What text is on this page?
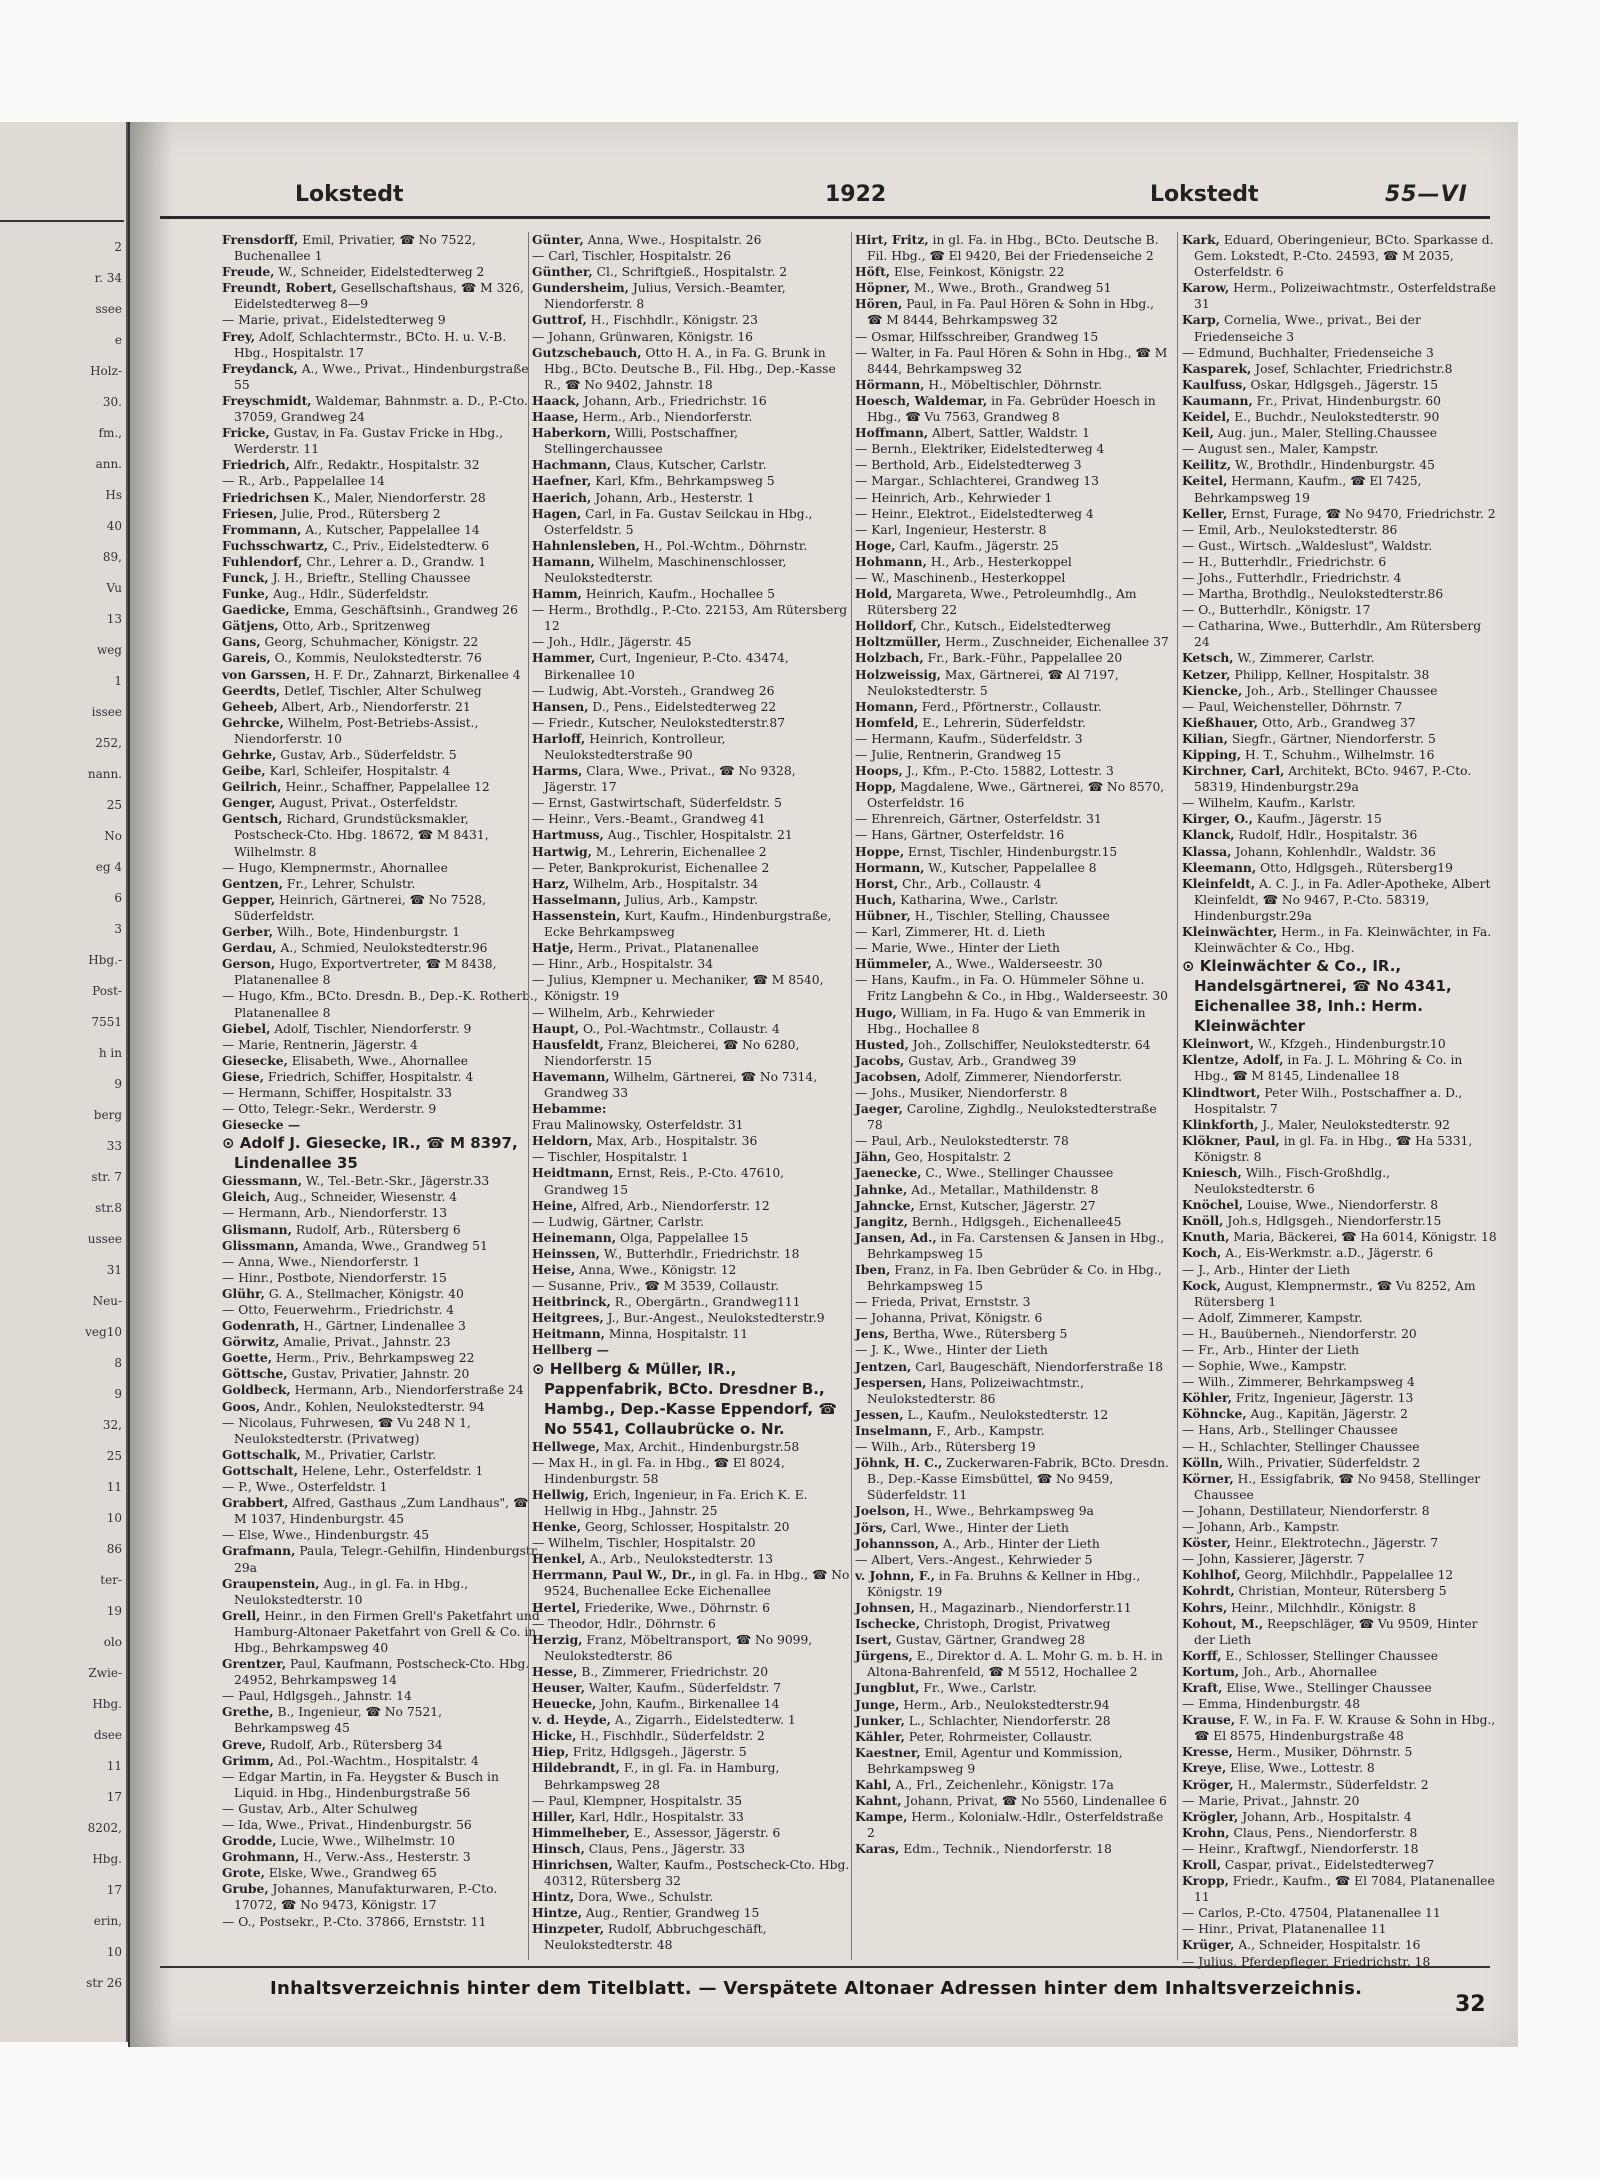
2
r. 34
ssee
e
Holz-
30.
fm.,
ann.
Hs
40
89,
Vu
13
weg
1
issee
252,
nann.
25
No
eg 4
6
3
Hbg.-
Post-
7551
h in
9
berg
33
str. 7
str.8
ussee
31
Neu-
veg10
8
9
32,
25
11
10
86
ter-
19
olo
Zwie-
Hbg.
dsee
11
17
8202,
Hbg.
17
erin,
10
str 26
Lokstedt	1922	Lokstedt	55—VI

Frensdorff, Emil, Privatier, ☎ No 7522, Buchenallee 1

Freude, W., Schneider, Eidelstedterweg 2

Freundt, Robert, Gesellschaftshaus, ☎ M 326, Eidelstedterweg 8—9

— Marie, privat., Eidelstedterweg 9

Frey, Adolf, Schlachtermstr., BCto. H. u. V.-B. Hbg., Hospitalstr. 17

Freydanck, A., Wwe., Privat., Hindenburgstraße 55

Freyschmidt, Waldemar, Bahnmstr. a. D., P.-Cto. 37059, Grandweg 24

Fricke, Gustav, in Fa. Gustav Fricke in Hbg., Werderstr. 11

Friedrich, Alfr., Redaktr., Hospitalstr. 32

— R., Arb., Pappelallee 14

Friedrichsen K., Maler, Niendorferstr. 28

Friesen, Julie, Prod., Rütersberg 2

Frommann, A., Kutscher, Pappelallee 14

Fuchsschwartz, C., Priv., Eidelstedterw. 6

Fuhlendorf, Chr., Lehrer a. D., Grandw. 1

Funck, J. H., Brieftr., Stelling Chaussee

Funke, Aug., Hdlr., Süderfeldstr.

Gaedicke, Emma, Geschäftsinh., Grandweg 26

Gätjens, Otto, Arb., Spritzenweg

Gans, Georg, Schuhmacher, Königstr. 22

Gareis, O., Kommis, Neulokstedterstr. 76

von Garssen, H. F. Dr., Zahnarzt, Birkenallee 4

Geerdts, Detlef, Tischler, Alter Schulweg

Geheeb, Albert, Arb., Niendorferstr. 21

Gehrcke, Wilhelm, Post-Betriebs-Assist., Niendorferstr. 10

Gehrke, Gustav, Arb., Süderfeldstr. 5

Geibe, Karl, Schleifer, Hospitalstr. 4

Geilrich, Heinr., Schaffner, Pappelallee 12

Genger, August, Privat., Osterfeldstr.

Gentsch, Richard, Grundstücksmakler, Postscheck-Cto. Hbg. 18672, ☎ M 8431, Wilhelmstr. 8

— Hugo, Klempnermstr., Ahornallee

Gentzen, Fr., Lehrer, Schulstr.

Gepper, Heinrich, Gärtnerei, ☎ No 7528, Süderfeldstr.

Gerber, Wilh., Bote, Hindenburgstr. 1

Gerdau, A., Schmied, Neulokstedterstr.96

Gerson, Hugo, Exportvertreter, ☎ M 8438, Platanenallee 8

— Hugo, Kfm., BCto. Dresdn. B., Dep.-K. Rotherb., Platanenallee 8

Giebel, Adolf, Tischler, Niendorferstr. 9

— Marie, Rentnerin, Jägerstr. 4

Giesecke, Elisabeth, Wwe., Ahornallee

Giese, Friedrich, Schiffer, Hospitalstr. 4

— Hermann, Schiffer, Hospitalstr. 33

— Otto, Telegr.-Sekr., Werderstr. 9

Giesecke —

⊙ Adolf J. Giesecke, IR., ☎ M 8397, Lindenallee 35

Giessmann, W., Tel.-Betr.-Skr., Jägerstr.33

Gleich, Aug., Schneider, Wiesenstr. 4

— Hermann, Arb., Niendorferstr. 13

Glismann, Rudolf, Arb., Rütersberg 6

Glissmann, Amanda, Wwe., Grandweg 51

— Anna, Wwe., Niendorferstr. 1

— Hinr., Postbote, Niendorferstr. 15

Glühr, G. A., Stellmacher, Königstr. 40

— Otto, Feuerwehrm., Friedrichstr. 4

Godenrath, H., Gärtner, Lindenallee 3

Görwitz, Amalie, Privat., Jahnstr. 23

Goette, Herm., Priv., Behrkampsweg 22

Göttsche, Gustav, Privatier, Jahnstr. 20

Goldbeck, Hermann, Arb., Niendorferstraße 24

Goos, Andr., Kohlen, Neulokstedterstr. 94

— Nicolaus, Fuhrwesen, ☎ Vu 248 N 1, Neulokstedterstr. (Privatweg)

Gottschalk, M., Privatier, Carlstr.

Gottschalt, Helene, Lehr., Osterfeldstr. 1

— P., Wwe., Osterfeldstr. 1

Grabbert, Alfred, Gasthaus „Zum Landhaus", ☎ M 1037, Hindenburgstr. 45

— Else, Wwe., Hindenburgstr. 45

Grafmann, Paula, Telegr.-Gehilfin, Hindenburgstr. 29a

Graupenstein, Aug., in gl. Fa. in Hbg., Neulokstedterstr. 10

Grell, Heinr., in den Firmen Grell's Paketfahrt und Hamburg-Altonaer Paketfahrt von Grell & Co. in Hbg., Behrkampsweg 40

Grentzer, Paul, Kaufmann, Postscheck-Cto. Hbg. 24952, Behrkampsweg 14

— Paul, Hdlgsgeh., Jahnstr. 14

Grethe, B., Ingenieur, ☎ No 7521, Behrkampsweg 45

Greve, Rudolf, Arb., Rütersberg 34

Grimm, Ad., Pol.-Wachtm., Hospitalstr. 4

— Edgar Martin, in Fa. Heygster & Busch in Liquid. in Hbg., Hindenburgstraße 56

— Gustav, Arb., Alter Schulweg

— Ida, Wwe., Privat., Hindenburgstr. 56

Grodde, Lucie, Wwe., Wilhelmstr. 10

Grohmann, H., Verw.-Ass., Hesterstr. 3

Grote, Elske, Wwe., Grandweg 65

Grube, Johannes, Manufakturwaren, P.-Cto. 17072, ☎ No 9473, Königstr. 17

— O., Postsekr., P.-Cto. 37866, Ernststr. 11

Günter, Anna, Wwe., Hospitalstr. 26

— Carl, Tischler, Hospitalstr. 26

Günther, Cl., Schriftgieß., Hospitalstr. 2

Gundersheim, Julius, Versich.-Beamter, Niendorferstr. 8

Guttrof, H., Fischhdlr., Königstr. 23

— Johann, Grünwaren, Königstr. 16

Gutzschebauch, Otto H. A., in Fa. G. Brunk in Hbg., BCto. Deutsche B., Fil. Hbg., Dep.-Kasse R., ☎ No 9402, Jahnstr. 18

Haack, Johann, Arb., Friedrichstr. 16

Haase, Herm., Arb., Niendorferstr.

Haberkorn, Willi, Postschaffner, Stellingerchaussee

Hachmann, Claus, Kutscher, Carlstr.

Haefner, Karl, Kfm., Behrkampsweg 5

Haerich, Johann, Arb., Hesterstr. 1

Hagen, Carl, in Fa. Gustav Seilckau in Hbg., Osterfeldstr. 5

Hahnlensleben, H., Pol.-Wchtm., Döhrnstr.

Hamann, Wilhelm, Maschinenschlosser, Neulokstedterstr.

Hamm, Heinrich, Kaufm., Hochallee 5

— Herm., Brothdlg., P.-Cto. 22153, Am Rütersberg 12

— Joh., Hdlr., Jägerstr. 45

Hammer, Curt, Ingenieur, P.-Cto. 43474, Birkenallee 10

— Ludwig, Abt.-Vorsteh., Grandweg 26

Hansen, D., Pens., Eidelstedterweg 22

— Friedr., Kutscher, Neulokstedterstr.87

Harloff, Heinrich, Kontrolleur, Neulokstedterstraße 90

Harms, Clara, Wwe., Privat., ☎ No 9328, Jägerstr. 17

— Ernst, Gastwirtschaft, Süderfeldstr. 5

— Heinr., Vers.-Beamt., Grandweg 41

Hartmuss, Aug., Tischler, Hospitalstr. 21

Hartwig, M., Lehrerin, Eichenallee 2

— Peter, Bankprokurist, Eichenallee 2

Harz, Wilhelm, Arb., Hospitalstr. 34

Hasselmann, Julius, Arb., Kampstr.

Hassenstein, Kurt, Kaufm., Hindenburgstraße, Ecke Behrkampsweg

Hatje, Herm., Privat., Platanenallee

— Hinr., Arb., Hospitalstr. 34

— Julius, Klempner u. Mechaniker, ☎ M 8540, Königstr. 19

— Wilhelm, Arb., Kehrwieder

Haupt, O., Pol.-Wachtmstr., Collaustr. 4

Hausfeldt, Franz, Bleicherei, ☎ No 6280, Niendorferstr. 15

Havemann, Wilhelm, Gärtnerei, ☎ No 7314, Grandweg 33

Hebamme:

Frau Malinowsky, Osterfeldstr. 31

Heldorn, Max, Arb., Hospitalstr. 36

— Tischler, Hospitalstr. 1

Heidtmann, Ernst, Reis., P.-Cto. 47610, Grandweg 15

Heine, Alfred, Arb., Niendorferstr. 12

— Ludwig, Gärtner, Carlstr.

Heinemann, Olga, Pappelallee 15

Heinssen, W., Butterhdlr., Friedrichstr. 18

Heise, Anna, Wwe., Königstr. 12

— Susanne, Priv., ☎ M 3539, Collaustr.

Heitbrinck, R., Obergärtn., Grandweg111

Heitgrees, J., Bur.-Angest., Neulokstedterstr.9

Heitmann, Minna, Hospitalstr. 11

Hellberg —

⊙ Hellberg & Müller, IR., Pappenfabrik, BCto. Dresdner B., Hambg., Dep.-Kasse Eppendorf, ☎ No 5541, Collaubrücke o. Nr.

Hellwege, Max, Archit., Hindenburgstr.58

— Max H., in gl. Fa. in Hbg., ☎ El 8024, Hindenburgstr. 58

Hellwig, Erich, Ingenieur, in Fa. Erich K. E. Hellwig in Hbg., Jahnstr. 25

Henke, Georg, Schlosser, Hospitalstr. 20

— Wilhelm, Tischler, Hospitalstr. 20

Henkel, A., Arb., Neulokstedterstr. 13

Herrmann, Paul W., Dr., in gl. Fa. in Hbg., ☎ No 9524, Buchenallee Ecke Eichenallee

Hertel, Friederike, Wwe., Döhrnstr. 6

— Theodor, Hdlr., Döhrnstr. 6

Herzig, Franz, Möbeltransport, ☎ No 9099, Neulokstedterstr. 86

Hesse, B., Zimmerer, Friedrichstr. 20

Heuser, Walter, Kaufm., Süderfeldstr. 7

Heuecke, John, Kaufm., Birkenallee 14

v. d. Heyde, A., Zigarrh., Eidelstedterw. 1

Hicke, H., Fischhdlr., Süderfeldstr. 2

Hiep, Fritz, Hdlgsgeh., Jägerstr. 5

Hildebrandt, F., in gl. Fa. in Hamburg, Behrkampsweg 28

— Paul, Klempner, Hospitalstr. 35

Hiller, Karl, Hdlr., Hospitalstr. 33

Himmelheber, E., Assessor, Jägerstr. 6

Hinsch, Claus, Pens., Jägerstr. 33

Hinrichsen, Walter, Kaufm., Postscheck-Cto. Hbg. 40312, Rütersberg 32

Hintz, Dora, Wwe., Schulstr.

Hintze, Aug., Rentier, Grandweg 15

Hinzpeter, Rudolf, Abbruchgeschäft, Neulokstedterstr. 48

Hirt, Fritz, in gl. Fa. in Hbg., BCto. Deutsche B. Fil. Hbg., ☎ El 9420, Bei der Friedenseiche 2

Höft, Else, Feinkost, Königstr. 22

Höpner, M., Wwe., Broth., Grandweg 51

Hören, Paul, in Fa. Paul Hören & Sohn in Hbg., ☎ M 8444, Behrkampsweg 32

— Osmar, Hilfsschreiber, Grandweg 15

— Walter, in Fa. Paul Hören & Sohn in Hbg., ☎ M 8444, Behrkampsweg 32

Hörmann, H., Möbeltischler, Döhrnstr.

Hoesch, Waldemar, in Fa. Gebrüder Hoesch in Hbg., ☎ Vu 7563, Grandweg 8

Hoffmann, Albert, Sattler, Waldstr. 1

— Bernh., Elektriker, Eidelstedterweg 4

— Berthold, Arb., Eidelstedterweg 3

— Margar., Schlachterei, Grandweg 13

— Heinrich, Arb., Kehrwieder 1

— Heinr., Elektrot., Eidelstedterweg 4

— Karl, Ingenieur, Hesterstr. 8

Hoge, Carl, Kaufm., Jägerstr. 25

Hohmann, H., Arb., Hesterkoppel

— W., Maschinenb., Hesterkoppel

Hold, Margareta, Wwe., Petroleumhdlg., Am Rütersberg 22

Holldorf, Chr., Kutsch., Eidelstedterweg

Holtzmüller, Herm., Zuschneider, Eichenallee 37

Holzbach, Fr., Bark.-Führ., Pappelallee 20

Holzweissig, Max, Gärtnerei, ☎ Al 7197, Neulokstedterstr. 5

Homann, Ferd., Pförtnerstr., Collaustr.

Homfeld, E., Lehrerin, Süderfeldstr.

— Hermann, Kaufm., Süderfeldstr. 3

— Julie, Rentnerin, Grandweg 15

Hoops, J., Kfm., P.-Cto. 15882, Lottestr. 3

Hopp, Magdalene, Wwe., Gärtnerei, ☎ No 8570, Osterfeldstr. 16

— Ehrenreich, Gärtner, Osterfeldstr. 31

— Hans, Gärtner, Osterfeldstr. 16

Hoppe, Ernst, Tischler, Hindenburgstr.15

Hormann, W., Kutscher, Pappelallee 8

Horst, Chr., Arb., Collaustr. 4

Huch, Katharina, Wwe., Carlstr.

Hübner, H., Tischler, Stelling, Chaussee

— Karl, Zimmerer, Ht. d. Lieth

— Marie, Wwe., Hinter der Lieth

Hümmeler, A., Wwe., Walderseestr. 30

— Hans, Kaufm., in Fa. O. Hümmeler Söhne u. Fritz Langbehn & Co., in Hbg., Walderseestr. 30

Hugo, William, in Fa. Hugo & van Emmerik in Hbg., Hochallee 8

Husted, Joh., Zollschiffer, Neulokstedterstr. 64

Jacobs, Gustav, Arb., Grandweg 39

Jacobsen, Adolf, Zimmerer, Niendorferstr.

— Johs., Musiker, Niendorferstr. 8

Jaeger, Caroline, Zighdlg., Neulokstedterstraße 78

— Paul, Arb., Neulokstedterstr. 78

Jähn, Geo, Hospitalstr. 2

Jaenecke, C., Wwe., Stellinger Chaussee

Jahnke, Ad., Metallar., Mathildenstr. 8

Jahncke, Ernst, Kutscher, Jägerstr. 27

Jangitz, Bernh., Hdlgsgeh., Eichenallee45

Jansen, Ad., in Fa. Carstensen & Jansen in Hbg., Behrkampsweg 15

Iben, Franz, in Fa. Iben Gebrüder & Co. in Hbg., Behrkampsweg 15

— Frieda, Privat, Ernststr. 3

— Johanna, Privat, Königstr. 6

Jens, Bertha, Wwe., Rütersberg 5

— J. K., Wwe., Hinter der Lieth

Jentzen, Carl, Baugeschäft, Niendorferstraße 18

Jespersen, Hans, Polizeiwachtmstr., Neulokstedterstr. 86

Jessen, L., Kaufm., Neulokstedterstr. 12

Inselmann, F., Arb., Kampstr.

— Wilh., Arb., Rütersberg 19

Jöhnk, H. C., Zuckerwaren-Fabrik, BCto. Dresdn. B., Dep.-Kasse Eimsbüttel, ☎ No 9459, Süderfeldstr. 11

Joelson, H., Wwe., Behrkampsweg 9a

Jörs, Carl, Wwe., Hinter der Lieth

Johannsson, A., Arb., Hinter der Lieth

— Albert, Vers.-Angest., Kehrwieder 5

v. Johnn, F., in Fa. Bruhns & Kellner in Hbg., Königstr. 19

Johnsen, H., Magazinarb., Niendorferstr.11

Ischecke, Christoph, Drogist, Privatweg

Isert, Gustav, Gärtner, Grandweg 28

Jürgens, E., Direktor d. A. L. Mohr G. m. b. H. in Altona-Bahrenfeld, ☎ M 5512, Hochallee 2

Jungblut, Fr., Wwe., Carlstr.

Junge, Herm., Arb., Neulokstedterstr.94

Junker, L., Schlachter, Niendorferstr. 28

Kähler, Peter, Rohrmeister, Collaustr.

Kaestner, Emil, Agentur und Kommission, Behrkampsweg 9

Kahl, A., Frl., Zeichenlehr., Königstr. 17a

Kahnt, Johann, Privat, ☎ No 5560, Lindenallee 6

Kampe, Herm., Kolonialw.-Hdlr., Osterfeldstraße 2

Karas, Edm., Technik., Niendorferstr. 18

Kark, Eduard, Oberingenieur, BCto. Sparkasse d. Gem. Lokstedt, P.-Cto. 24593, ☎ M 2035, Osterfeldstr. 6

Karow, Herm., Polizeiwachtmstr., Osterfeldstraße 31

Karp, Cornelia, Wwe., privat., Bei der Friedenseiche 3

— Edmund, Buchhalter, Friedenseiche 3

Kasparek, Josef, Schlachter, Friedrichstr.8

Kaulfuss, Oskar, Hdlgsgeh., Jägerstr. 15

Kaumann, Fr., Privat, Hindenburgstr. 60

Keidel, E., Buchdr., Neulokstedterstr. 90

Keil, Aug. jun., Maler, Stelling.Chaussee

— August sen., Maler, Kampstr.

Keilitz, W., Brothdlr., Hindenburgstr. 45

Keitel, Hermann, Kaufm., ☎ El 7425, Behrkampsweg 19

Keller, Ernst, Furage, ☎ No 9470, Friedrichstr. 2

— Emil, Arb., Neulokstedterstr. 86

— Gust., Wirtsch. „Waldeslust", Waldstr.

— H., Butterhdlr., Friedrichstr. 6

— Johs., Futterhdlr., Friedrichstr. 4

— Martha, Brothdlg., Neulokstedterstr.86

— O., Butterhdlr., Königstr. 17

— Catharina, Wwe., Butterhdlr., Am Rütersberg 24

Ketsch, W., Zimmerer, Carlstr.

Ketzer, Philipp, Kellner, Hospitalstr. 38

Kiencke, Joh., Arb., Stellinger Chaussee

— Paul, Weichensteller, Döhrnstr. 7

Kießhauer, Otto, Arb., Grandweg 37

Kilian, Siegfr., Gärtner, Niendorferstr. 5

Kipping, H. T., Schuhm., Wilhelmstr. 16

Kirchner, Carl, Architekt, BCto. 9467, P.-Cto. 58319, Hindenburgstr.29a

— Wilhelm, Kaufm., Karlstr.

Kirger, O., Kaufm., Jägerstr. 15

Klanck, Rudolf, Hdlr., Hospitalstr. 36

Klassa, Johann, Kohlenhdlr., Waldstr. 36

Kleemann, Otto, Hdlgsgeh., Rütersberg19

Kleinfeldt, A. C. J., in Fa. Adler-Apotheke, Albert Kleinfeldt, ☎ No 9467, P.-Cto. 58319, Hindenburgstr.29a

Kleinwächter, Herm., in Fa. Kleinwächter, in Fa. Kleinwächter & Co., Hbg.

⊙ Kleinwächter & Co., IR., Handelsgärtnerei, ☎ No 4341, Eichenallee 38, Inh.: Herm. Kleinwächter

Kleinwort, W., Kfzgeh., Hindenburgstr.10

Klentze, Adolf, in Fa. J. L. Möhring & Co. in Hbg., ☎ M 8145, Lindenallee 18

Klindtwort, Peter Wilh., Postschaffner a. D., Hospitalstr. 7

Klinkforth, J., Maler, Neulokstedterstr. 92

Klökner, Paul, in gl. Fa. in Hbg., ☎ Ha 5331, Königstr. 8

Kniesch, Wilh., Fisch-Großhdlg., Neulokstedterstr. 6

Knöchel, Louise, Wwe., Niendorferstr. 8

Knöll, Joh.s, Hdlgsgeh., Niendorferstr.15

Knuth, Maria, Bäckerei, ☎ Ha 6014, Königstr. 18

Koch, A., Eis-Werkmstr. a.D., Jägerstr. 6

— J., Arb., Hinter der Lieth

Kock, August, Klempnermstr., ☎ Vu 8252, Am Rütersberg 1

— Adolf, Zimmerer, Kampstr.

— H., Bauüberneh., Niendorferstr. 20

— Fr., Arb., Hinter der Lieth

— Sophie, Wwe., Kampstr.

— Wilh., Zimmerer, Behrkampsweg 4

Köhler, Fritz, Ingenieur, Jägerstr. 13

Köhncke, Aug., Kapitän, Jägerstr. 2

— Hans, Arb., Stellinger Chaussee

— H., Schlachter, Stellinger Chaussee

Kölln, Wilh., Privatier, Süderfeldstr. 2

Körner, H., Essigfabrik, ☎ No 9458, Stellinger Chaussee

— Johann, Destillateur, Niendorferstr. 8

— Johann, Arb., Kampstr.

Köster, Heinr., Elektrotechn., Jägerstr. 7

— John, Kassierer, Jägerstr. 7

Kohlhof, Georg, Milchhdlr., Pappelallee 12

Kohrdt, Christian, Monteur, Rütersberg 5

Kohrs, Heinr., Milchhdlr., Königstr. 8

Kohout, M., Reepschläger, ☎ Vu 9509, Hinter der Lieth

Korff, E., Schlosser, Stellinger Chaussee

Kortum, Joh., Arb., Ahornallee

Kraft, Elise, Wwe., Stellinger Chaussee

— Emma, Hindenburgstr. 48

Krause, F. W., in Fa. F. W. Krause & Sohn in Hbg., ☎ El 8575, Hindenburgstraße 48

Kresse, Herm., Musiker, Döhrnstr. 5

Kreye, Elise, Wwe., Lottestr. 8

Kröger, H., Malermstr., Süderfeldstr. 2

— Marie, Privat., Jahnstr. 20

Krögler, Johann, Arb., Hospitalstr. 4

Krohn, Claus, Pens., Niendorferstr. 8

— Heinr., Kraftwgf., Niendorferstr. 18

Kroll, Caspar, privat., Eidelstedterweg7

Kropp, Friedr., Kaufm., ☎ El 7084, Platanenallee 11

— Carlos, P.-Cto. 47504, Platanenallee 11

— Hinr., Privat, Platanenallee 11

Krüger, A., Schneider, Hospitalstr. 16

— Julius, Pferdepfleger, Friedrichstr. 18

Inhaltsverzeichnis hinter dem Titelblatt. — Verspätete Altonaer Adressen hinter dem Inhaltsverzeichnis.
32
